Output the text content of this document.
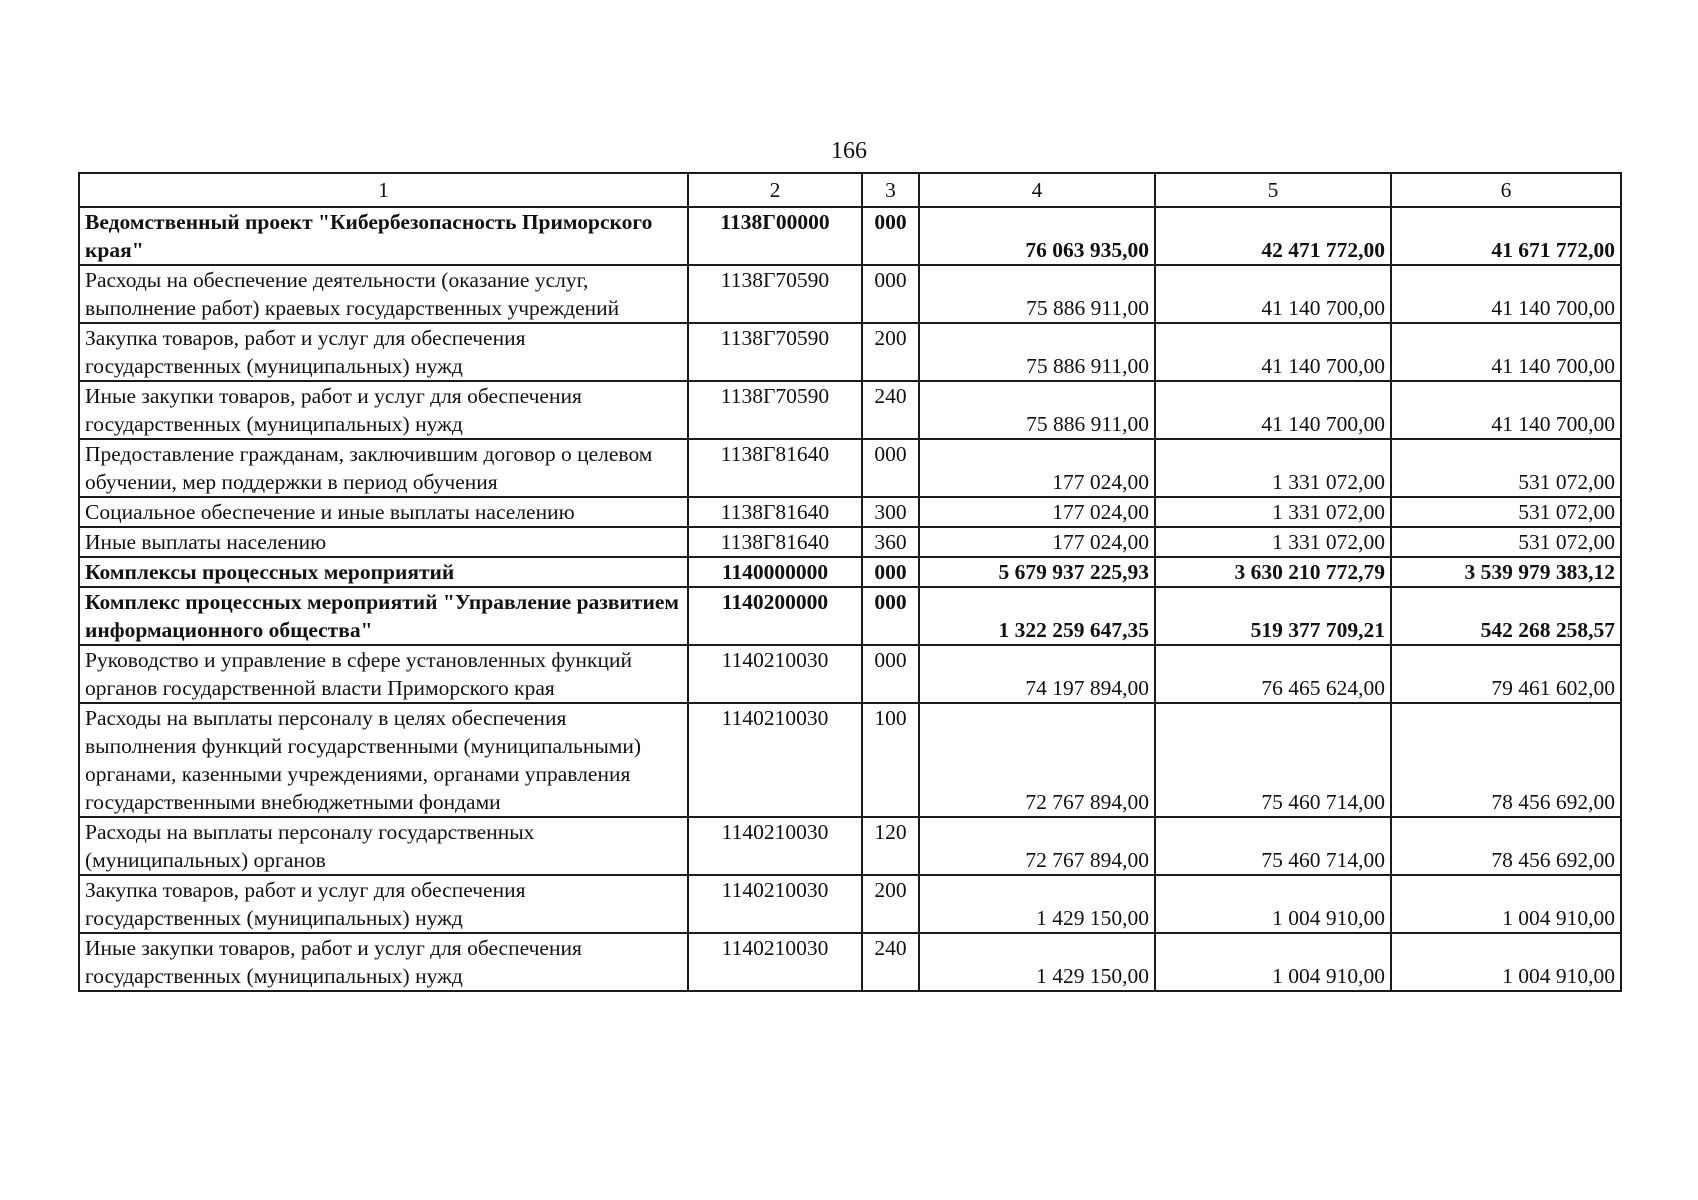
166
1	2	3	4	5	6
Ведомственный проект "Кибербезопасность Приморского края"	1138Г00000	000	76 063 935,00	42 471 772,00	41 671 772,00
Расходы на обеспечение деятельности (оказание услуг, выполнение работ) краевых государственных учреждений	1138Г70590	000	75 886 911,00	41 140 700,00	41 140 700,00
Закупка товаров, работ и услуг для обеспечения государственных (муниципальных) нужд	1138Г70590	200	75 886 911,00	41 140 700,00	41 140 700,00
Иные закупки товаров, работ и услуг для обеспечения государственных (муниципальных) нужд	1138Г70590	240	75 886 911,00	41 140 700,00	41 140 700,00
Предоставление гражданам, заключившим договор о целевом обучении, мер поддержки в период обучения	1138Г81640	000	177 024,00	1 331 072,00	531 072,00
Социальное обеспечение и иные выплаты населению	1138Г81640	300	177 024,00	1 331 072,00	531 072,00
Иные выплаты населению	1138Г81640	360	177 024,00	1 331 072,00	531 072,00
Комплексы процессных мероприятий	1140000000	000	5 679 937 225,93	3 630 210 772,79	3 539 979 383,12
Комплекс процессных мероприятий "Управление развитием информационного общества"	1140200000	000	1 322 259 647,35	519 377 709,21	542 268 258,57
Руководство и управление в сфере установленных функций органов государственной власти Приморского края	1140210030	000	74 197 894,00	76 465 624,00	79 461 602,00
Расходы на выплаты персоналу в целях обеспечения выполнения функций государственными (муниципальными) органами, казенными учреждениями, органами управления государственными внебюджетными фондами	1140210030	100	72 767 894,00	75 460 714,00	78 456 692,00
Расходы на выплаты персоналу государственных (муниципальных) органов	1140210030	120	72 767 894,00	75 460 714,00	78 456 692,00
Закупка товаров, работ и услуг для обеспечения государственных (муниципальных) нужд	1140210030	200	1 429 150,00	1 004 910,00	1 004 910,00
Иные закупки товаров, работ и услуг для обеспечения государственных (муниципальных) нужд	1140210030	240	1 429 150,00	1 004 910,00	1 004 910,00
